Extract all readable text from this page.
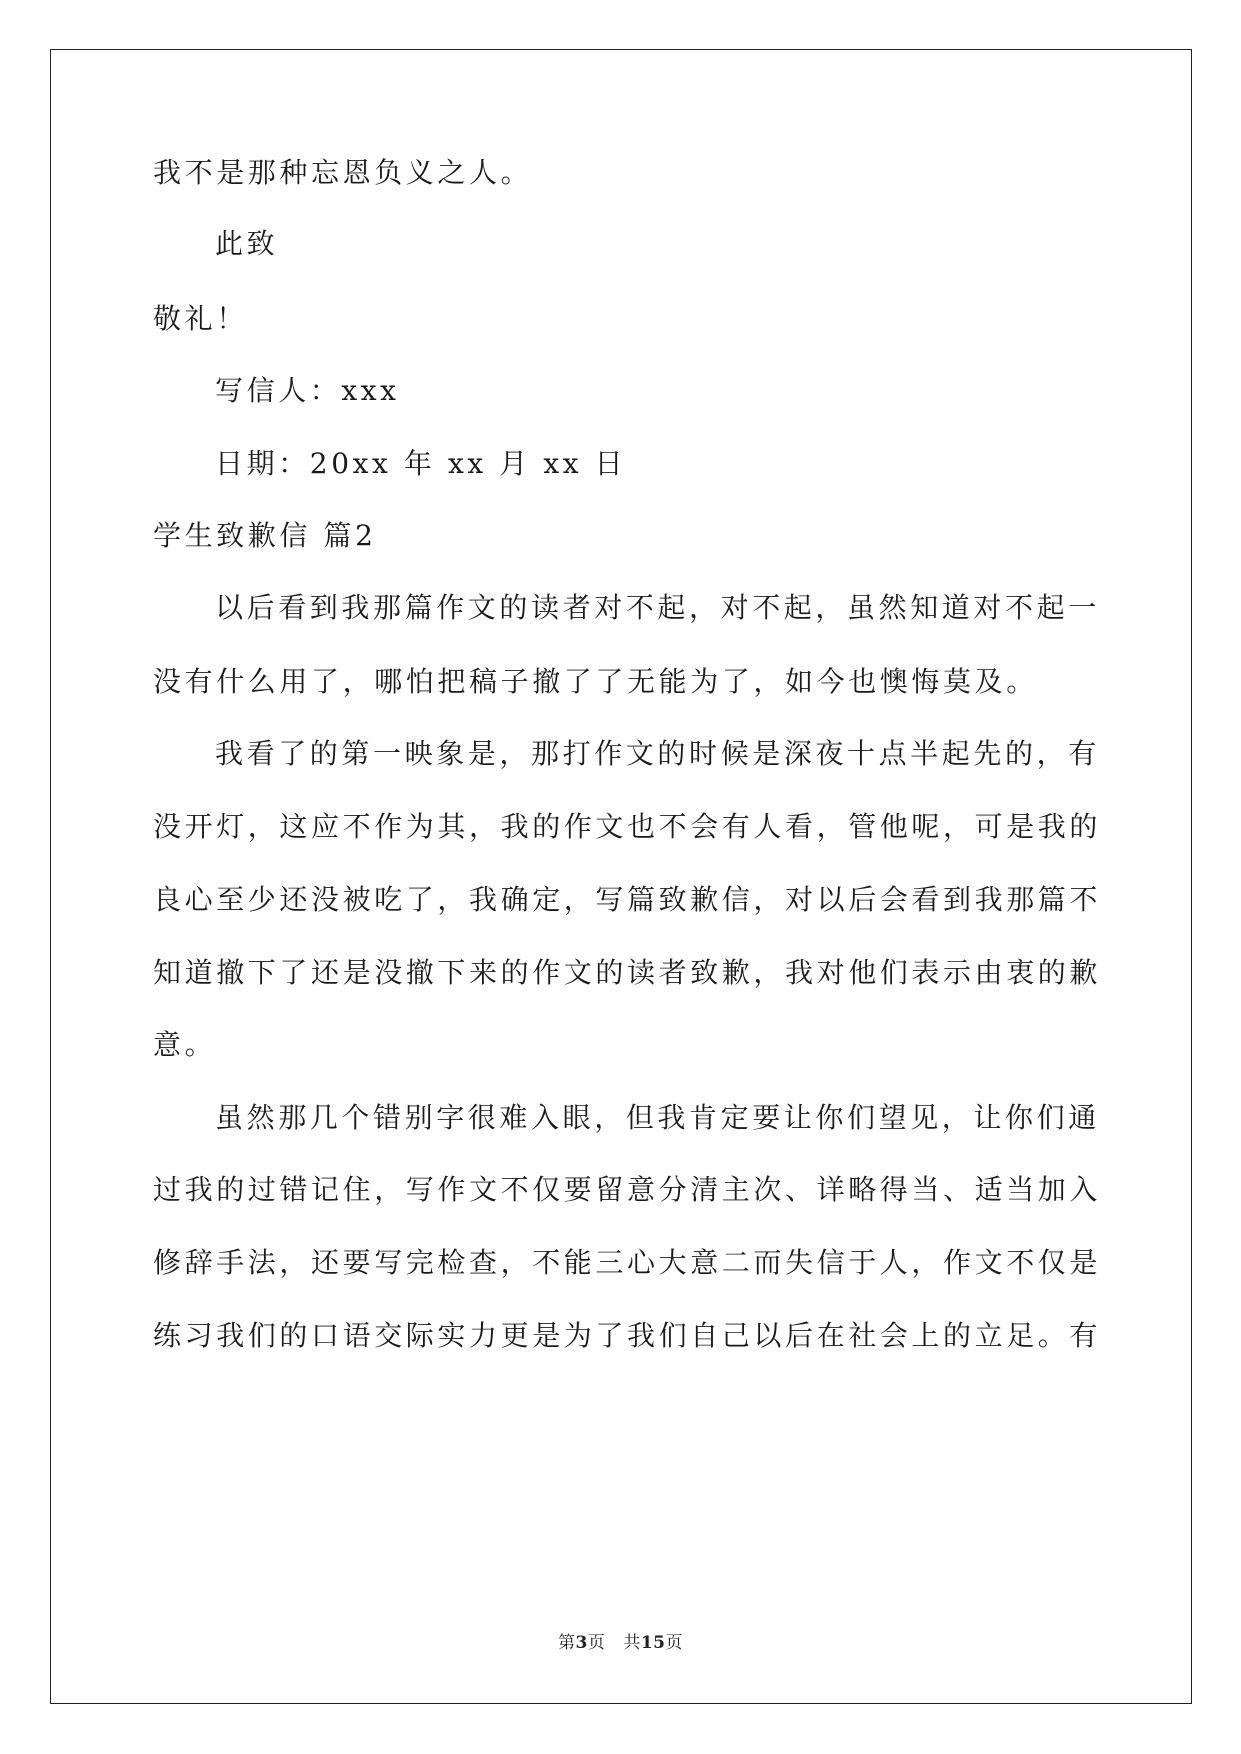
我不是那种忘恩负义之人。
此致
敬礼！
写信人：xxx
日期：20xx 年 xx 月 xx 日
学生致歉信 篇2
以后看到我那篇作文的读者对不起，对不起，虽然知道对不起一
没有什么用了，哪怕把稿子撤了了无能为了，如今也懊悔莫及。
我看了的第一映象是，那打作文的时候是深夜十点半起先的，有
没开灯，这应不作为其，我的作文也不会有人看，管他呢，可是我的
良心至少还没被吃了，我确定，写篇致歉信，对以后会看到我那篇不
知道撤下了还是没撤下来的作文的读者致歉，我对他们表示由衷的歉
意。
虽然那几个错别字很难入眼，但我肯定要让你们望见，让你们通
过我的过错记住，写作文不仅要留意分清主次、详略得当、适当加入
修辞手法，还要写完检查，不能三心大意二而失信于人，作文不仅是
练习我们的口语交际实力更是为了我们自己以后在社会上的立足。有
第3页 共15页
